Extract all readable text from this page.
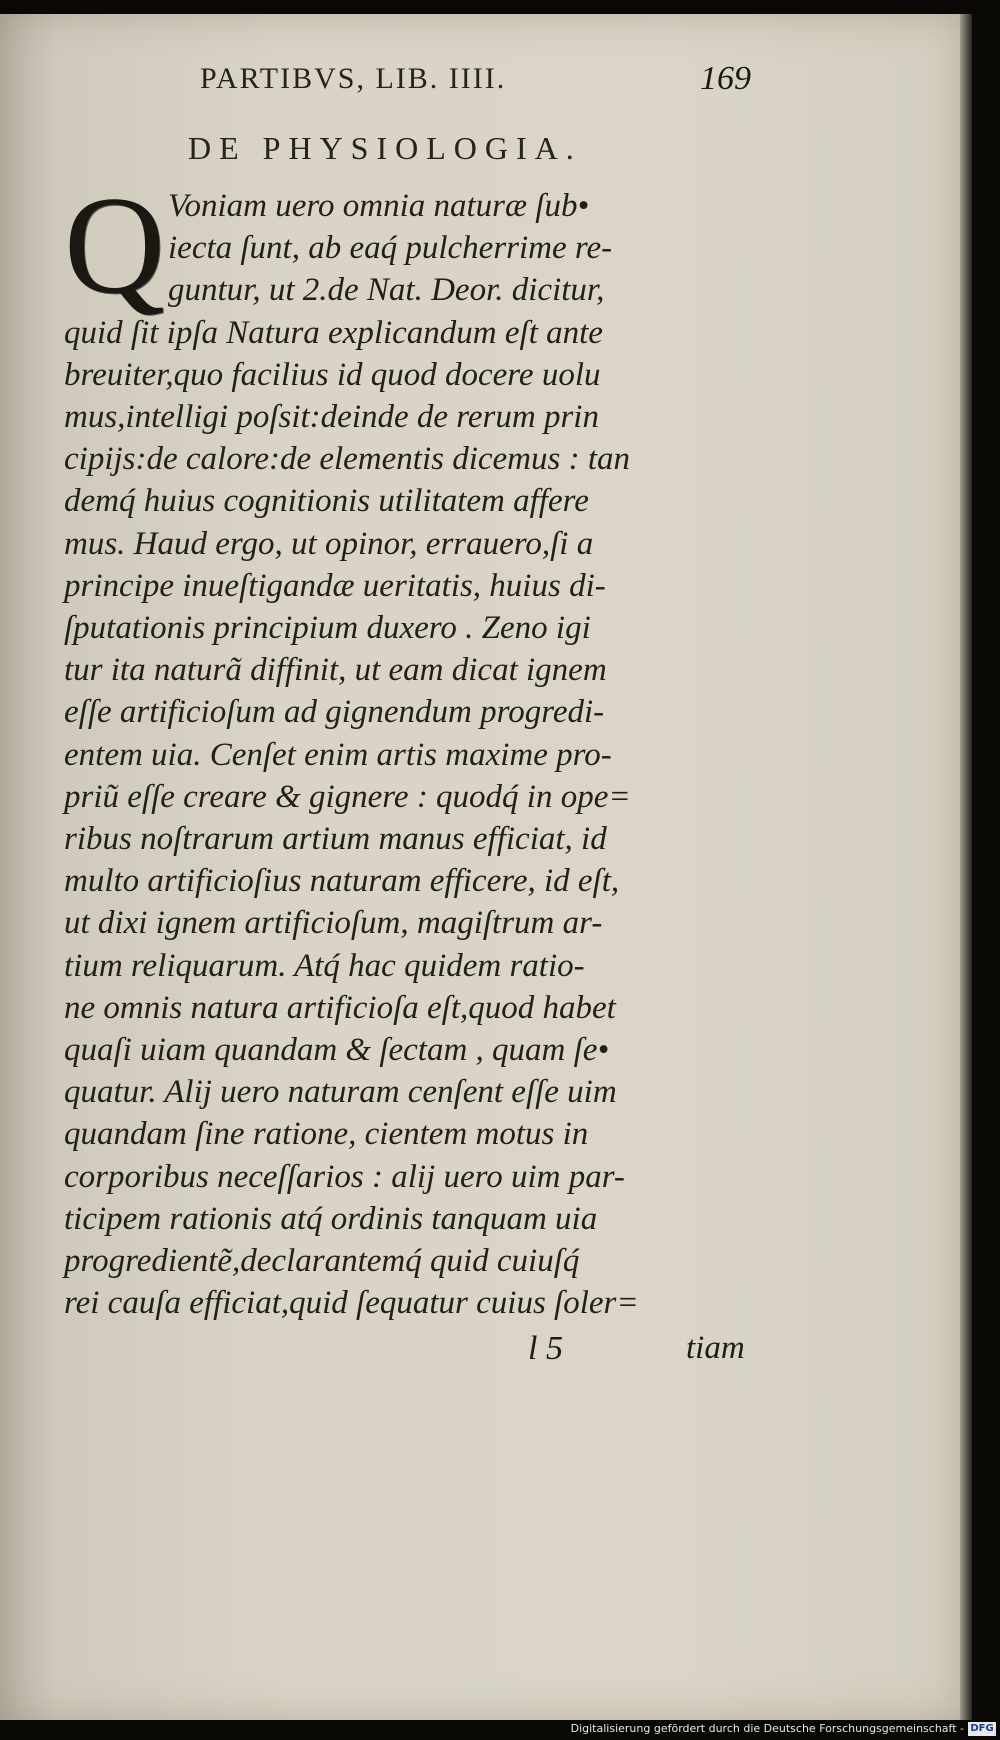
PARTIBVS, LIB. IIII.	169
DE PHYSIOLOGIA.
Q Voniam uero omnia naturæ ſub•
iecta ſunt, ab eaq́ pulcherrime re-
guntur, ut 2.de Nat. Deor. dicitur,
quid ſit ipſa Natura explicandum eſt ante
breuiter,quo facilius id quod docere uolu
mus,intelligi poſsit:deinde de rerum prin
cipijs:de calore:de elementis dicemus : tan
demq́ huius cognitionis utilitatem affere
mus. Haud ergo, ut opinor, errauero,ſi a
principe inueſtigandæ ueritatis, huius di-
ſputationis principium duxero . Zeno igi
tur ita naturã diffinit, ut eam dicat ignem
eſſe artificioſum ad gignendum progredi-
entem uia. Cenſet enim artis maxime pro-
priũ eſſe creare & gignere : quodq́ in ope=
ribus noſtrarum artium manus efficiat, id
multo artificioſius naturam efficere, id eſt,
ut dixi ignem artificioſum, magiſtrum ar-
tium reliquarum. Atq́ hac quidem ratio-
ne omnis natura artificioſa eſt,quod habet
quaſi uiam quandam & ſectam , quam ſe•
quatur. Alij uero naturam cenſent eſſe uim
quandam ſine ratione, cientem motus in
corporibus neceſſarios : alij uero uim par-
ticipem rationis atq́ ordinis tanquam uia
progredientẽ,declarantemq́ quid cuiuſq́
rei cauſa efficiat,quid ſequatur cuius ſoler=
l 5	tiam
Digitalisierung gefördert durch die Deutsche Forschungsgemeinschaft - DFG
